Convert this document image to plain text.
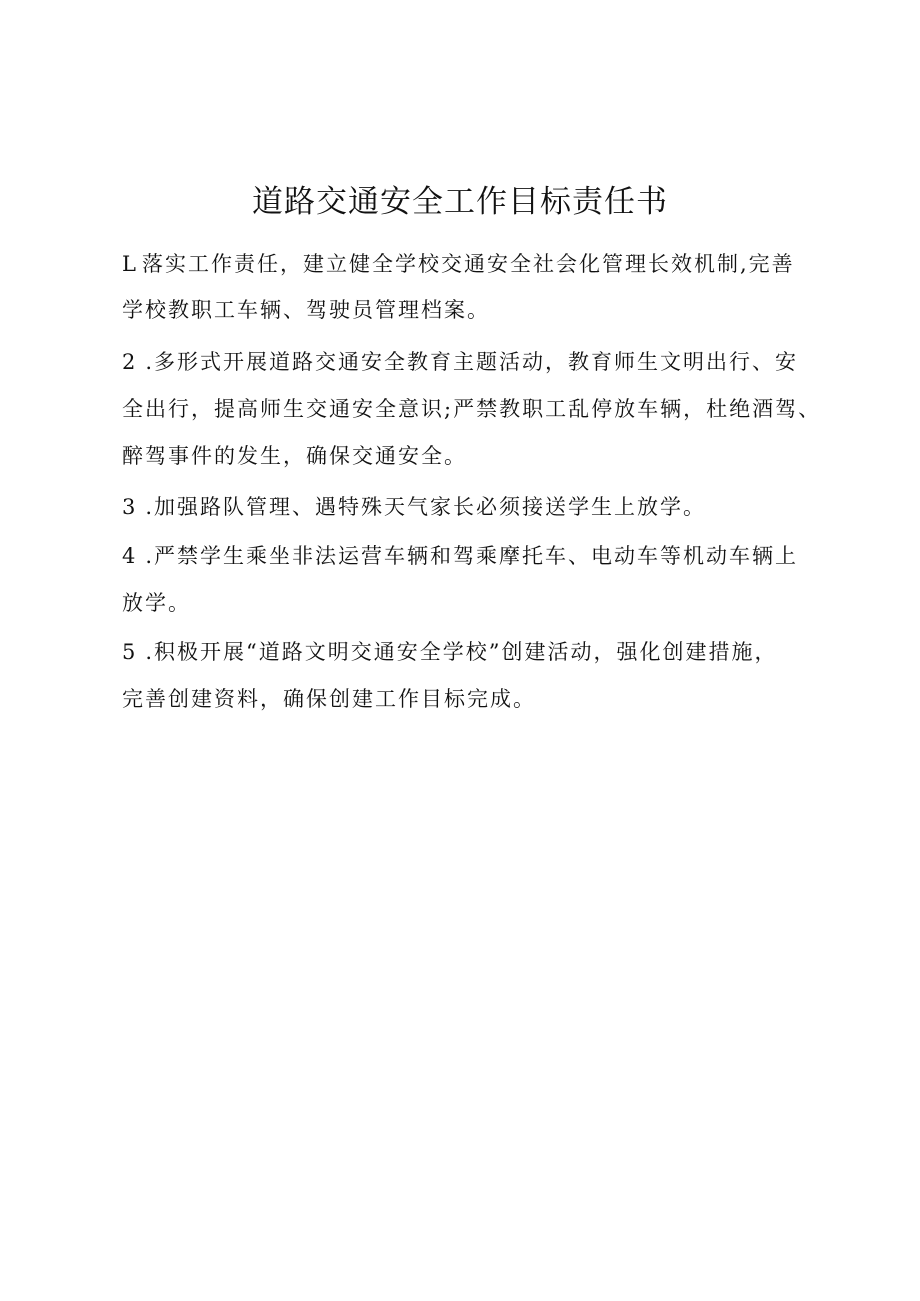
道路交通安全工作目标责任书
L 落实工作责任，建立健全学校交通安全社会化管理长效机制,完善
学校教职工车辆、驾驶员管理档案。
2 .多形式开展道路交通安全教育主题活动，教育师生文明出行、安
全出行，提高师生交通安全意识;严禁教职工乱停放车辆，杜绝酒驾、
醉驾事件的发生，确保交通安全。
3 .加强路队管理、遇特殊天气家长必须接送学生上放学。
4 .严禁学生乘坐非法运营车辆和驾乘摩托车、电动车等机动车辆上
放学。
5 .积极开展“道路文明交通安全学校”创建活动，强化创建措施，
完善创建资料，确保创建工作目标完成。
